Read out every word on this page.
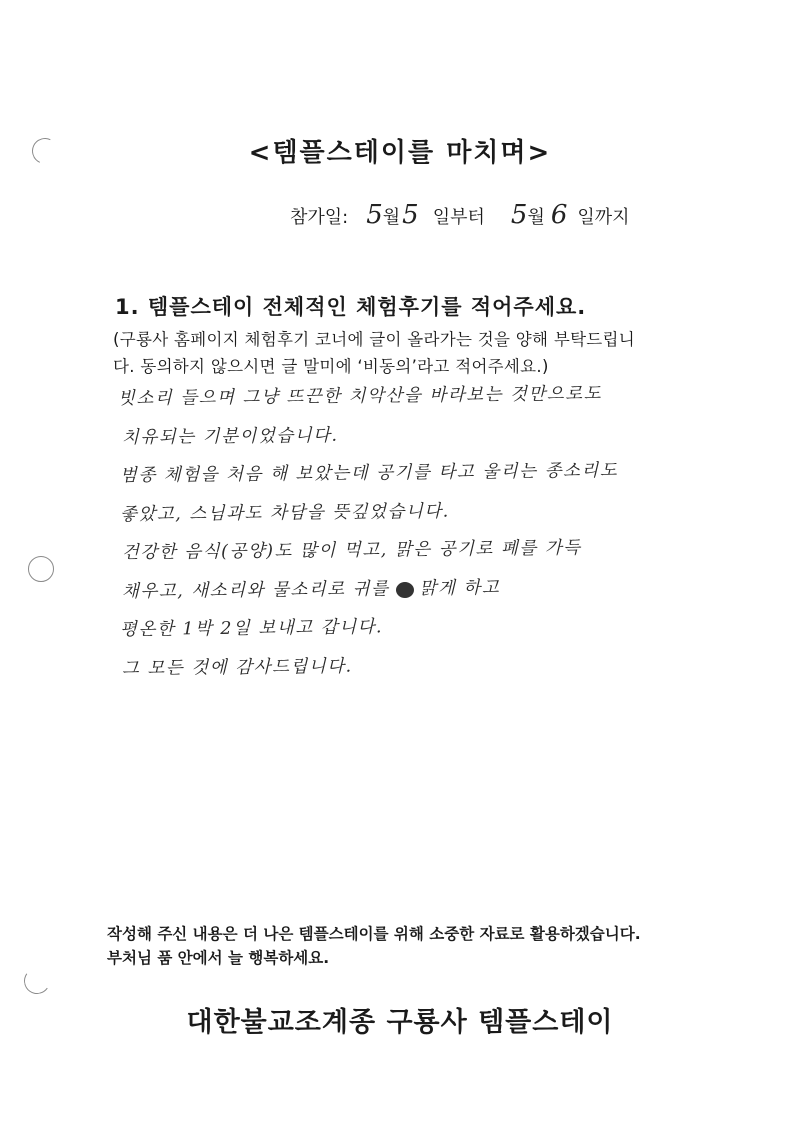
<템플스테이를 마치며>
참가일: 5 월 5 일부터 5 월 6 일까지
1. 템플스테이 전체적인 체험후기를 적어주세요.
(구룡사 홈페이지 체험후기 코너에 글이 올라가는 것을 양해 부탁드립니
다. 동의하지 않으시면 글 말미에 ‘비동의’라고 적어주세요.)
빗소리 들으며 그냥 뜨끈한 치악산을 바라보는 것만으로도
치유되는 기분이었습니다.
범종 체험을 처음 해 보았는데 공기를 타고 울리는 종소리도
좋았고, 스님과도 차담을 뜻깊었습니다.
건강한 음식(공양)도 많이 먹고, 맑은 공기로 폐를 가득
채우고, 새소리와 물소리로 귀를 맑게 하고
평온한 1박 2일 보내고 갑니다.
그 모든 것에 감사드립니다.
작성해 주신 내용은 더 나은 템플스테이를 위해 소중한 자료로 활용하겠습니다.
부처님 품 안에서 늘 행복하세요.
대한불교조계종 구룡사 템플스테이
